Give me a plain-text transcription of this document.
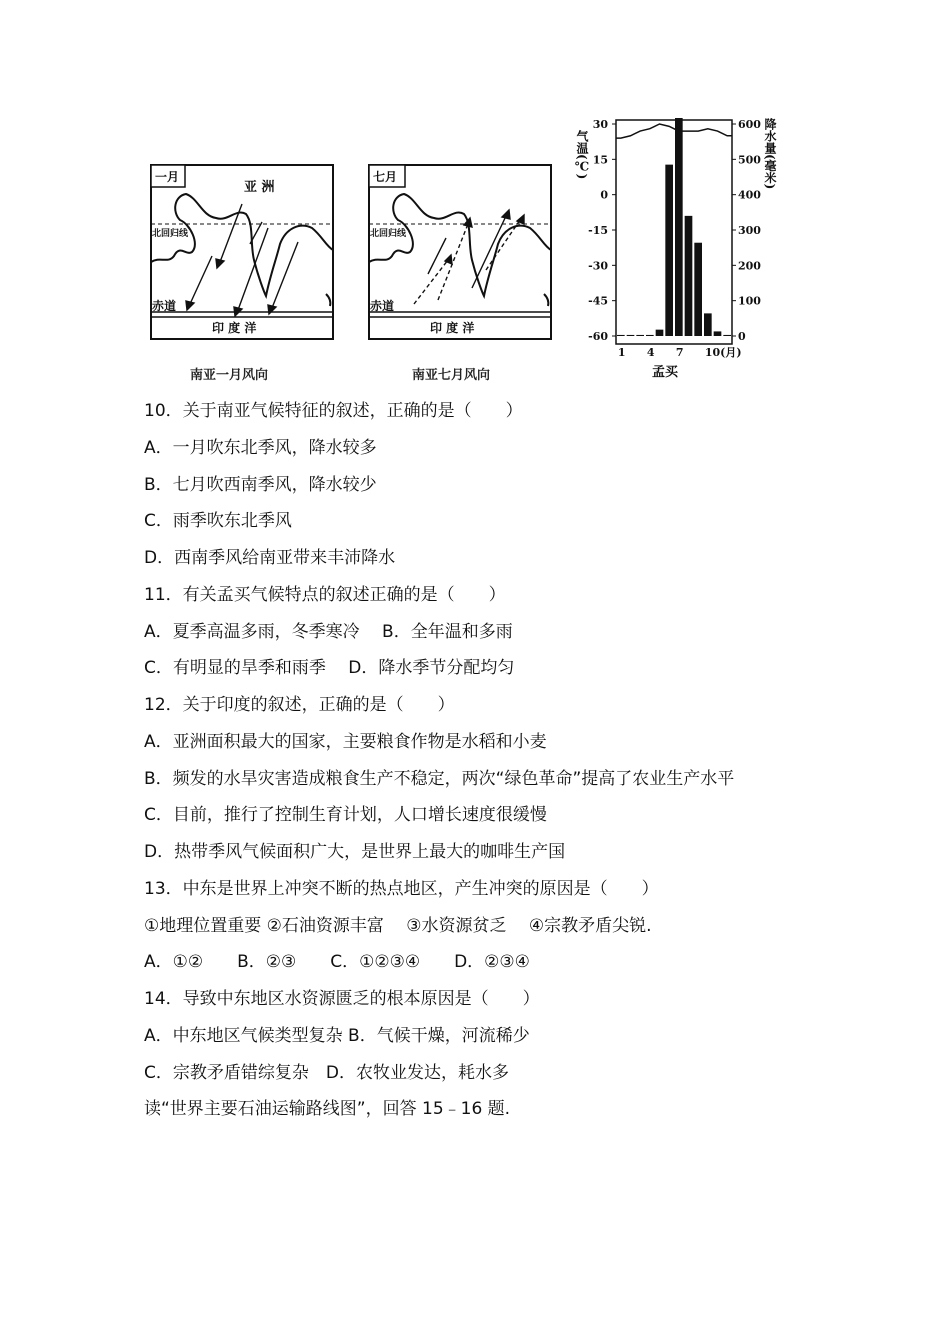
一月
亚 洲
北回归线
赤道
印 度 洋
南亚一月风向
七月
北回归线
赤道
印 度 洋
南亚七月风向
30
15
0
-15
-30
-45
-60
600
500
400
300
200
100
0
1 4 7 10(月)
气温(℃)	降水量(毫米)
孟买
10．关于南亚气候特征的叙述，正确的是（　　）
A．一月吹东北季风，降水较多
B．七月吹西南季风，降水较少
C．雨季吹东北季风
D．西南季风给南亚带来丰沛降水
11．有关孟买气候特点的叙述正确的是（　　）
A．夏季高温多雨，冬季寒冷　 B．全年温和多雨
C．有明显的旱季和雨季　 D．降水季节分配均匀
12．关于印度的叙述，正确的是（　　）
A．亚洲面积最大的国家，主要粮食作物是水稻和小麦
B．频发的水旱灾害造成粮食生产不稳定，两次“绿色革命”提高了农业生产水平
C．目前，推行了控制生育计划，人口增长速度很缓慢
D．热带季风气候面积广大，是世界上最大的咖啡生产国
13．中东是世界上冲突不断的热点地区，产生冲突的原因是（　　）
①地理位置重要 ②石油资源丰富　 ③水资源贫乏　 ④宗教矛盾尖锐.
A．①②　　B．②③　　C．①②③④　　D．②③④
14．导致中东地区水资源匮乏的根本原因是（　　）
A．中东地区气候类型复杂 B．气候干燥，河流稀少
C．宗教矛盾错综复杂　D．农牧业发达，耗水多
读“世界主要石油运输路线图”，回答 15﹣16 题.
